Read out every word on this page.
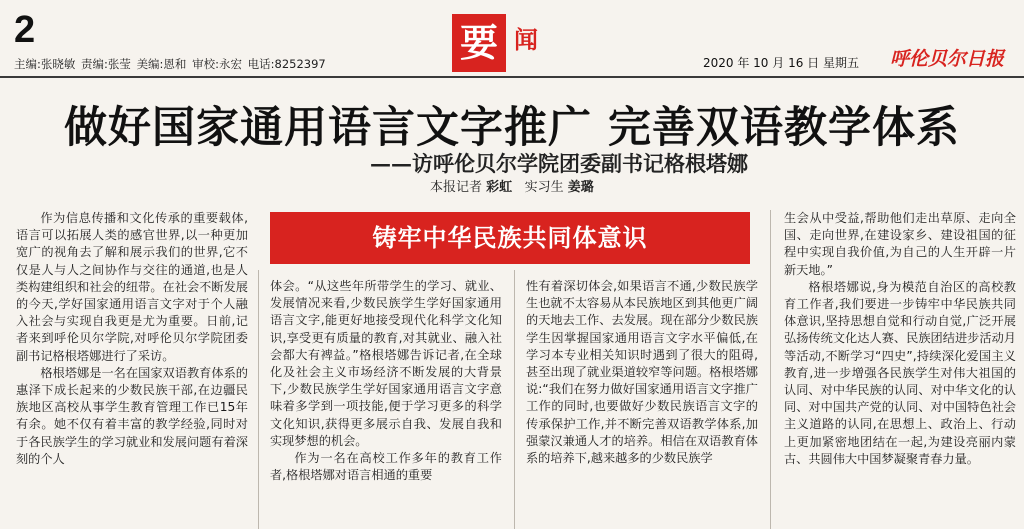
2
主编:张晓敏 责编:张莹 美编:恩和 审校:永宏 电话:8252397	要 闻
2020 年 10 月 16 日 星期五 呼伦贝尔日报
做好国家通用语言文字推广 完善双语教学体系
——访呼伦贝尔学院团委副书记格根塔娜
本报记者 彩虹 实习生 姜璐
铸牢中华民族共同体意识

作为信息传播和文化传承的重要载体,语言可以拓展人类的感官世界,以一种更加宽广的视角去了解和展示我们的世界,它不仅是人与人之间协作与交往的通道,也是人类构建组织和社会的纽带。在社会不断发展的今天,学好国家通用语言文字对于个人融入社会与实现自我更是尤为重要。日前,记者来到呼伦贝尔学院,对呼伦贝尔学院团委副书记格根塔娜进行了采访。

格根塔娜是一名在国家双语教育体系的惠泽下成长起来的少数民族干部,在边疆民族地区高校从事学生教育管理工作已15年有余。她不仅有着丰富的教学经验,同时对于各民族学生的学习就业和发展问题有着深刻的个人

体会。“从这些年所带学生的学习、就业、发展情况来看,少数民族学生学好国家通用语言文字,能更好地接受现代化科学文化知识,享受更有质量的教育,对其就业、融入社会都大有裨益。”格根塔娜告诉记者,在全球化及社会主义市场经济不断发展的大背景下,少数民族学生学好国家通用语言文字意味着多学到一项技能,便于学习更多的科学文化知识,获得更多展示自我、发展自我和实现梦想的机会。

作为一名在高校工作多年的教育工作者,格根塔娜对语言相通的重要

性有着深切体会,如果语言不通,少数民族学生也就不太容易从本民族地区到其他更广阔的天地去工作、去发展。现在部分少数民族学生因掌握国家通用语言文字水平偏低,在学习本专业相关知识时遇到了很大的阻碍,甚至出现了就业渠道较窄等问题。格根塔娜说:“我们在努力做好国家通用语言文字推广工作的同时,也要做好少数民族语言文字的传承保护工作,并不断完善双语教学体系,加强蒙汉兼通人才的培养。相信在双语教育体系的培养下,越来越多的少数民族学

生会从中受益,帮助他们走出草原、走向全国、走向世界,在建设家乡、建设祖国的征程中实现自我价值,为自己的人生开辟一片新天地。”

格根塔娜说,身为模范自治区的高校教育工作者,我们要进一步铸牢中华民族共同体意识,坚持思想自觉和行动自觉,广泛开展弘扬传统文化达人赛、民族团结进步活动月等活动,不断学习“四史”,持续深化爱国主义教育,进一步增强各民族学生对伟大祖国的认同、对中华民族的认同、对中华文化的认同、对中国共产党的认同、对中国特色社会主义道路的认同,在思想上、政治上、行动上更加紧密地团结在一起,为建设亮丽内蒙古、共圆伟大中国梦凝聚青春力量。
